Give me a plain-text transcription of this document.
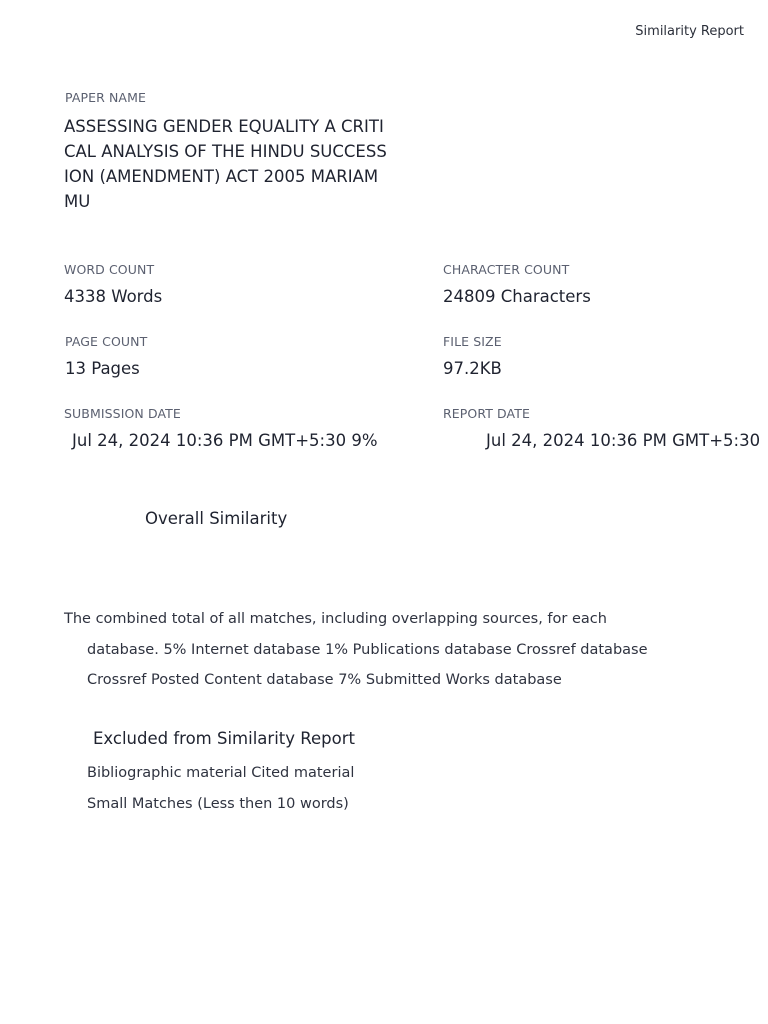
Similarity Report
PAPER NAME
ASSESSING GENDER EQUALITY A CRITI
CAL ANALYSIS OF THE HINDU SUCCESS
ION (AMENDMENT) ACT 2005 MARIAM
MU
WORD COUNT
4338 Words
CHARACTER COUNT
24809 Characters
PAGE COUNT
13 Pages
FILE SIZE
97.2KB
SUBMISSION DATE
Jul 24, 2024 10:36 PM GMT+5:30 9%
REPORT DATE
Jul 24, 2024 10:36 PM GMT+5:30
Overall Similarity
The combined total of all matches, including overlapping sources, for each
database. 5% Internet database 1% Publications database Crossref database
Crossref Posted Content database 7% Submitted Works database
Excluded from Similarity Report
Bibliographic material Cited material
Small Matches (Less then 10 words)
